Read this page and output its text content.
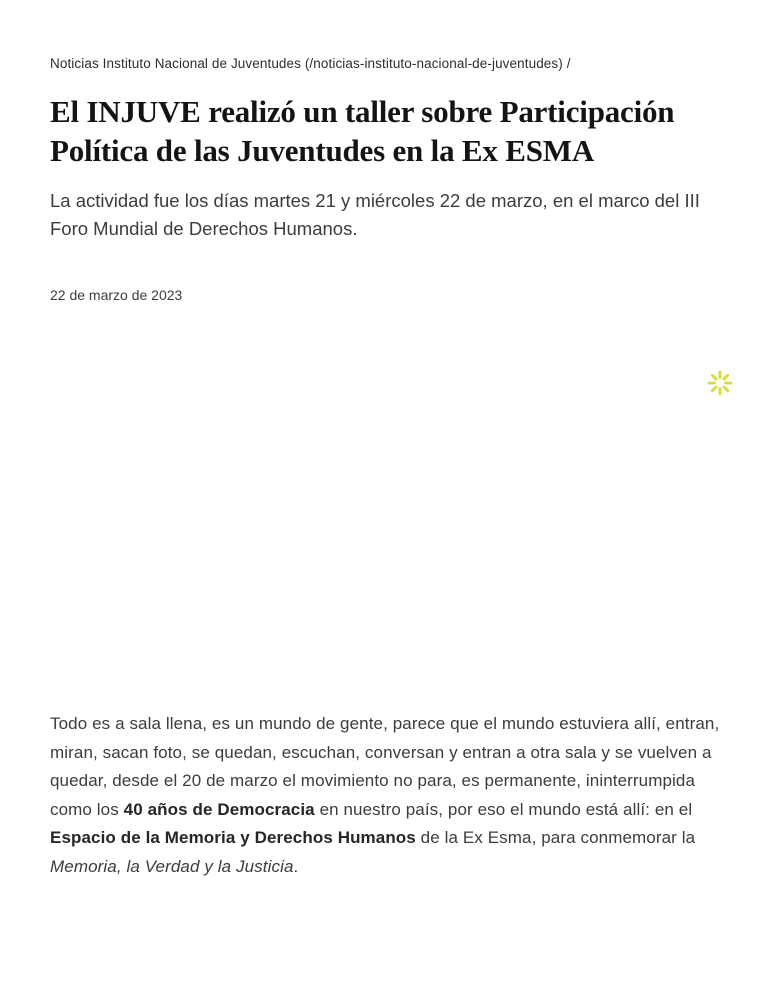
Noticias Instituto Nacional de Juventudes (/noticias-instituto-nacional-de-juventudes) /
El INJUVE realizó un taller sobre Participación Política de las Juventudes en la Ex ESMA

La actividad fue los días martes 21 y miércoles 22 de marzo, en el marco del III Foro Mundial de Derechos Humanos.

22 de marzo de 2023

Todo es a sala llena, es un mundo de gente, parece que el mundo estuviera allí, entran, miran, sacan foto, se quedan, escuchan, conversan y entran a otra sala y se vuelven a quedar, desde el 20 de marzo el movimiento no para, es permanente, ininterrumpida como los 40 años de Democracia en nuestro país, por eso el mundo está allí: en el Espacio de la Memoria y Derechos Humanos de la Ex Esma, para conmemorar la Memoria, la Verdad y la Justicia.
